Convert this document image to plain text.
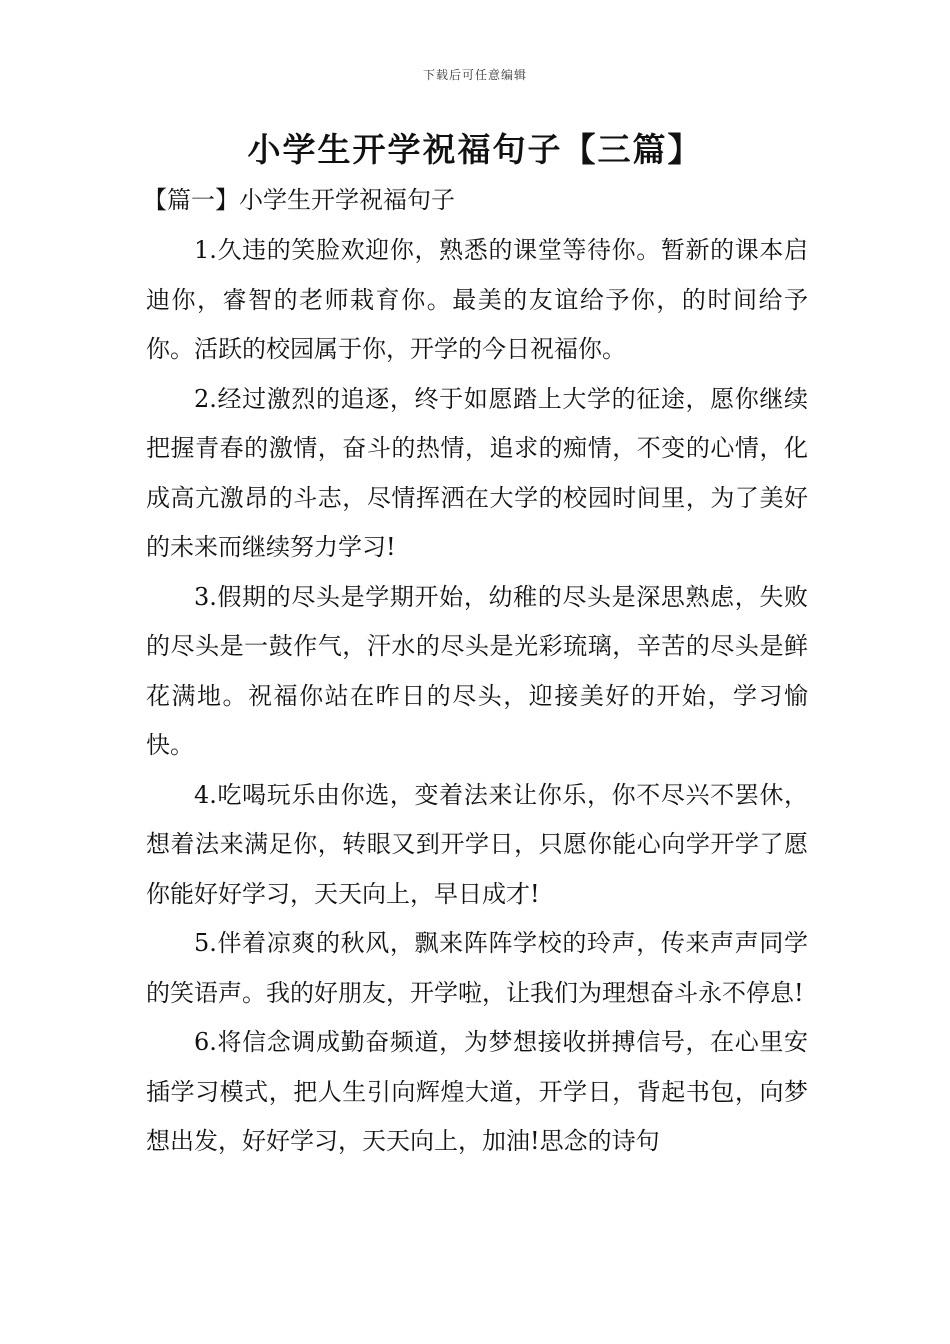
下载后可任意编辑
小学生开学祝福句子【三篇】
【篇一】小学生开学祝福句子

1.久违的笑脸欢迎你，熟悉的课堂等待你。暂新的课本启迪你，睿智的老师栽育你。最美的友谊给予你，的时间给予你。活跃的校园属于你，开学的今日祝福你。

2.经过激烈的追逐，终于如愿踏上大学的征途，愿你继续把握青春的激情，奋斗的热情，追求的痴情，不变的心情，化成高亢激昂的斗志，尽情挥洒在大学的校园时间里，为了美好的未来而继续努力学习!

3.假期的尽头是学期开始，幼稚的尽头是深思熟虑，失败的尽头是一鼓作气，汗水的尽头是光彩琉璃，辛苦的尽头是鲜花满地。祝福你站在昨日的尽头，迎接美好的开始，学习愉快。

4.吃喝玩乐由你选，变着法来让你乐，你不尽兴不罢休，想着法来满足你，转眼又到开学日，只愿你能心向学开学了愿你能好好学习，天天向上，早日成才!

5.伴着凉爽的秋风，飘来阵阵学校的玲声，传来声声同学的笑语声。我的好朋友，开学啦，让我们为理想奋斗永不停息!

6.将信念调成勤奋频道，为梦想接收拼搏信号，在心里安插学习模式，把人生引向辉煌大道，开学日，背起书包，向梦想出发，好好学习，天天向上，加油!思念的诗句
